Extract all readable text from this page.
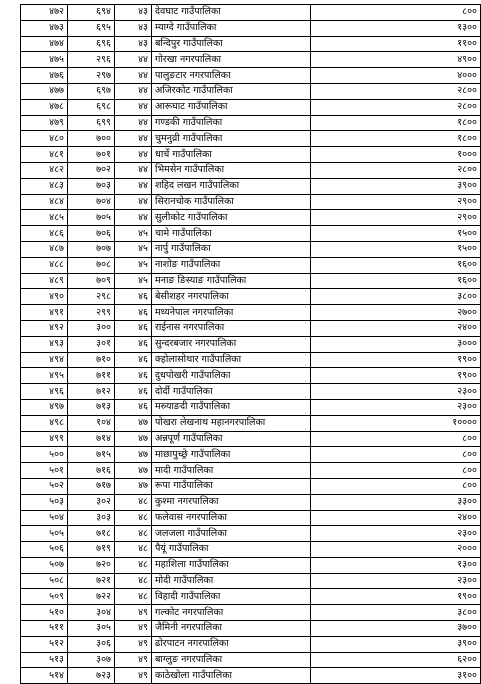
४७२	६९४	४३	देवघाट गाउँपालिका	८००
४७३	६९५	४३	म्याग्दे गाउँपालिका	१३००
४७४	६९६	४३	बन्दिपुर गाउँपालिका	११००
४७५	२९६	४४	गोरखा नगरपालिका	४९००
४७६	२९७	४४	पालुङटार नगरपालिका	४०००
४७७	६९७	४४	अजिरकोट गाउँपालिका	२८००
४७८	६९८	४४	आरूघाट गाउँपालिका	२८००
४७९	६९९	४४	गण्डकी गाउँपालिका	१८००
४८०	७००	४४	चुमनुव्री गाउँपालिका	१८००
४८१	७०१	४४	धार्चे गाउँपालिका	१०००
४८२	७०२	४४	भिमसेन गाउँपालिका	२८००
४८३	७०३	४४	शहिद लखन गाउँपालिका	३९००
४८४	७०४	४४	सिरानचोक गाउँपालिका	२९००
४८५	७०५	४४	सुलीकोट गाउँपालिका	२९००
४८६	७०६	४५	चामे गाउँपालिका	१५००
४८७	७०७	४५	नार्पु गाउँपालिका	१५००
४८८	७०८	४५	नाशोङ गाउँपालिका	१६००
४८९	७०९	४५	मनाङ ङिस्याङ गाउँपालिका	१६००
४९०	२९८	४६	बेसीशहर नगरपालिका	३८००
४९१	२९९	४६	मध्यनेपाल नगरपालिका	२७००
४९२	३००	४६	राईनास नगरपालिका	२४००
४९३	३०१	४६	सुन्दरबजार नगरपालिका	३०००
४९४	७१०	४६	क्होलासोथार गाउँपालिका	१९००
४९५	७११	४६	दुधपोखरी गाउँपालिका	१९००
४९६	७१२	४६	दोर्दी गाउँपालिका	२३००
४९७	७१३	४६	मस्र्याङदी गाउँपालिका	२३००
४९८	१०४	४७	पोखरा लेखनाथ महानगरपालिका	१००००
४९९	७१४	४७	अन्नपूर्ण गाउँपालिका	८००
५००	७१५	४७	माछापुच्छ्रे गाउँपालिका	८००
५०१	७१६	४७	मादी गाउँपालिका	८००
५०२	७१७	४७	रूपा गाउँपालिका	८००
५०३	३०२	४८	कुश्मा नगरपालिका	३३००
५०४	३०३	४८	फलेवास नगरपालिका	२४००
५०५	७१८	४८	जलजला गाउँपालिका	२३००
५०६	७१९	४८	पैयूं गाउँपालिका	२०००
५०७	७२०	४८	महाशिला गाउँपालिका	१३००
५०८	७२१	४८	मोदी गाउँपालिका	२३००
५०९	७२२	४८	विहादी गाउँपालिका	१९००
५१०	३०४	४९	गल्कोट नगरपालिका	३८००
५११	३०५	४९	जैमिनी नगरपालिका	३७००
५१२	३०६	४९	ढोरपाटन नगरपालिका	३९००
५१३	३०७	४९	बाग्लुङ नगरपालिका	६२००
५१४	७२३	४९	काठेखोला गाउँपालिका	३१००
